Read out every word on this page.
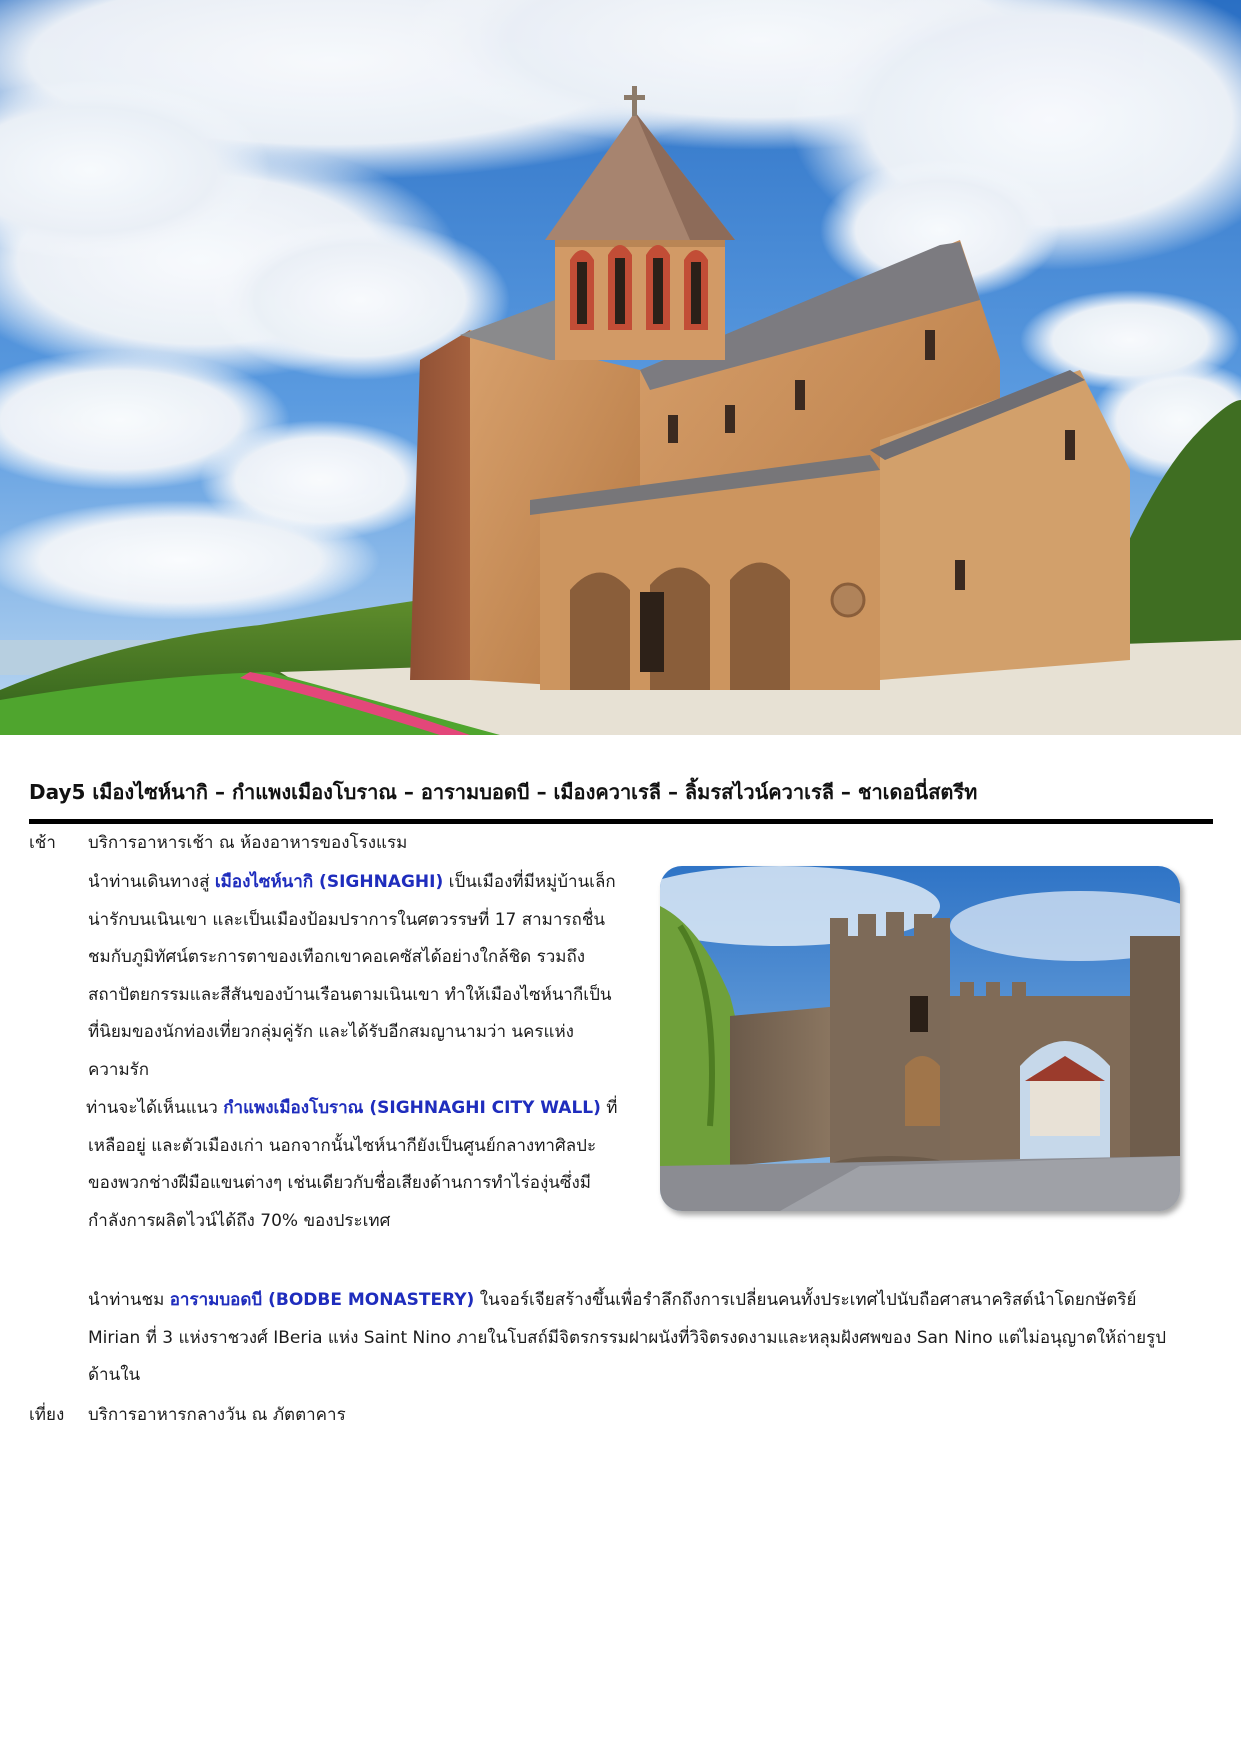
Day5 เมืองไซห์นากิ – กำแพงเมืองโบราณ – อารามบอดบี – เมืองควาเรลี – ลิ้มรสไวน์ควาเรลี – ชาเดอนี่สตรีท
เช้า บริการอาหารเช้า ณ ห้องอาหารของโรงแรม
นำท่านเดินทางสู่ เมืองไซห์นากิ (SIGHNAGHI) เป็นเมืองที่มีหมู่บ้านเล็ก
น่ารักบนเนินเขา และเป็นเมืองป้อมปราการในศตวรรษที่ 17 สามารถชื่น
ชมกับภูมิทัศน์ตระการตาของเทือกเขาคอเคซัสได้อย่างใกล้ชิด รวมถึง
สถาปัตยกรรมและสีสันของบ้านเรือนตามเนินเขา ทำให้เมืองไซห์นากีเป็น
ที่นิยมของนักท่องเที่ยวกลุ่มคู่รัก และได้รับอีกสมญานามว่า นครแห่ง
ความรัก
ท่านจะได้เห็นแนว กำแพงเมืองโบราณ (SIGHNAGHI CITY WALL) ที่
เหลืออยู่ และตัวเมืองเก่า นอกจากนั้นไซห์นากียังเป็นศูนย์กลางทาศิลปะ
ของพวกช่างฝีมือแขนต่างๆ เช่นเดียวกับชื่อเสียงด้านการทำไร่องุ่นซึ่งมี
กำลังการผลิตไวน์ได้ถึง 70% ของประเทศ
นำท่านชม อารามบอดบี (BODBE MONASTERY) ในจอร์เจียสร้างขึ้นเพื่อรำลึกถึงการเปลี่ยนคนทั้งประเทศไปนับถือศาสนาคริสต์นำโดยกษัตริย์
Mirian ที่ 3 แห่งราชวงศ์ IBeria แห่ง Saint Nino ภายในโบสถ์มีจิตรกรรมฝาผนังที่วิจิตรงดงามและหลุมฝังศพของ San Nino แต่ไม่อนุญาตให้ถ่ายรูป
ด้านใน
เที่ยง บริการอาหารกลางวัน ณ ภัตตาคาร
